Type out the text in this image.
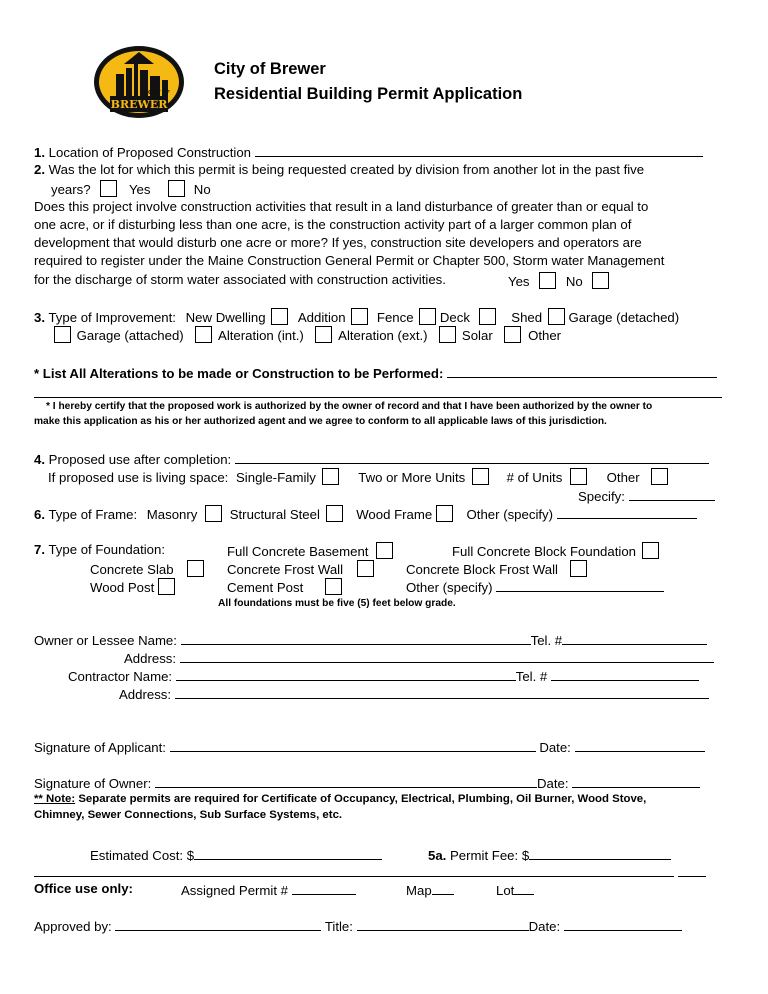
CITY OF
BREWER
City of Brewer
Residential Building Permit Application
1. Location of Proposed Construction
2. Was the lot for which this permit is being requested created by division from another lot in the past five
years?	Yes	No
Does this project involve construction activities that result in a land disturbance of greater than or equal to
one acre, or if disturbing less than one acre, is the construction activity part of a larger common plan of
development that would disturb one acre or more? If yes, construction site developers and operators are
required to register under the Maine Construction General Permit or Chapter 500, Storm water Management
for the discharge of storm water associated with construction activities.	Yes	No
3. Type of Improvement: New Dwelling Addition Fence Deck	Shed Garage (detached)
Garage (attached)	Alteration (int.)	Alteration (ext.)	Solar	Other
* List All Alterations to be made or Construction to be Performed:
* I hereby certify that the proposed work is authorized by the owner of record and that I have been authorized by the owner to
make this application as his or her authorized agent and we agree to conform to all applicable laws of this jurisdiction.
4. Proposed use after completion:
If proposed use is living space: Single-Family	Two or More Units	# of Units	Other
Specify:
6. Type of Frame: Masonry Structural Steel	Wood Frame	Other (specify)
7. Type of Foundation:	Full Concrete Basement	Full Concrete Block Foundation
Concrete Slab	Concrete Frost Wall	Concrete Block Frost Wall
Wood Post	Cement Post	Other (specify)
All foundations must be five (5) feet below grade.
Owner or Lessee Name:	Tel. #
Address:
Contractor Name:	Tel. #
Address:
Signature of Applicant:	Date:
Signature of Owner:	Date:
** Note: Separate permits are required for Certificate of Occupancy, Electrical, Plumbing, Oil Burner, Wood Stove,
Chimney, Sewer Connections, Sub Surface Systems, etc.
Estimated Cost: $	5a. Permit Fee: $
Office use only:	Assigned Permit #	Map	Lot
Approved by:	Title:	Date:
